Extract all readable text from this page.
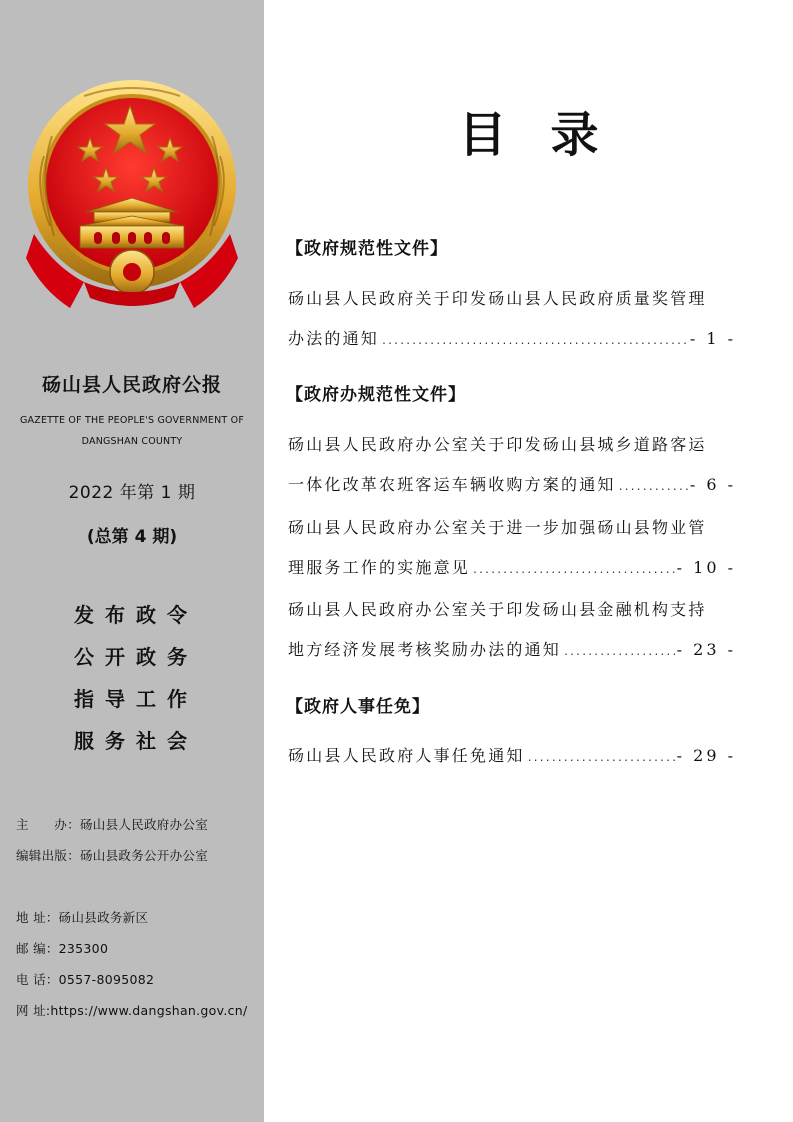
砀山县人民政府公报
GAZETTE OF THE PEOPLE'S GOVERNMENT OF
DANGSHAN COUNTY
2022 年第 1 期
(总第 4 期)
发布政令
公开政务
指导工作
服务社会
主　　办：砀山县人民政府办公室
编辑出版：砀山县政务公开办公室
地 址：砀山县政务新区
邮 编：235300
电 话：0557-8095082
网 址:https://www.dangshan.gov.cn/
目录
【政府规范性文件】
砀山县人民政府关于印发砀山县人民政府质量奖管理
办法的通知 .....	- 1 -
【政府办规范性文件】
砀山县人民政府办公室关于印发砀山县城乡道路客运
一体化改革农班客运车辆收购方案的通知 .....	- 6 -
砀山县人民政府办公室关于进一步加强砀山县物业管
理服务工作的实施意见 .....	- 10 -
砀山县人民政府办公室关于印发砀山县金融机构支持
地方经济发展考核奖励办法的通知 .....	- 23 -
【政府人事任免】
砀山县人民政府人事任免通知 .....	- 29 -
